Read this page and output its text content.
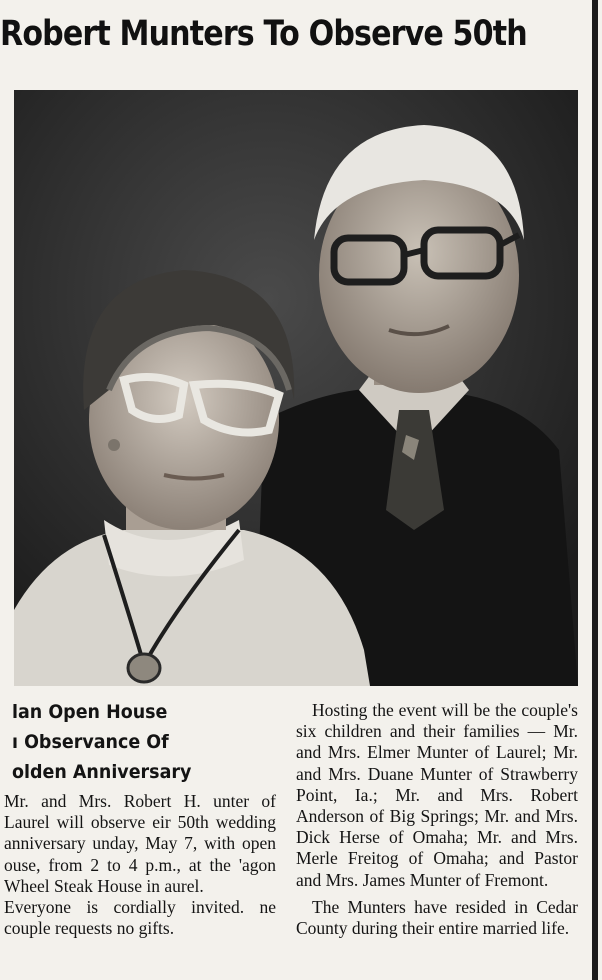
Robert Munters To Observe 50th
lan Open House
ı Observance Of
olden Anniversary

Mr. and Mrs. Robert H. unter of Laurel will observe eir 50th wedding anniversary unday, May 7, with open ouse, from 2 to 4 p.m., at the 'agon Wheel Steak House in aurel.

Everyone is cordially invited. ne couple requests no gifts.

Hosting the event will be the couple's six children and their families — Mr. and Mrs. Elmer Munter of Laurel; Mr. and Mrs. Duane Munter of Strawberry Point, Ia.; Mr. and Mrs. Robert Anderson of Big Springs; Mr. and Mrs. Dick Herse of Omaha; Mr. and Mrs. Merle Freitog of Omaha; and Pastor and Mrs. James Munter of Fremont.

The Munters have resided in Cedar County during their entire married life.
